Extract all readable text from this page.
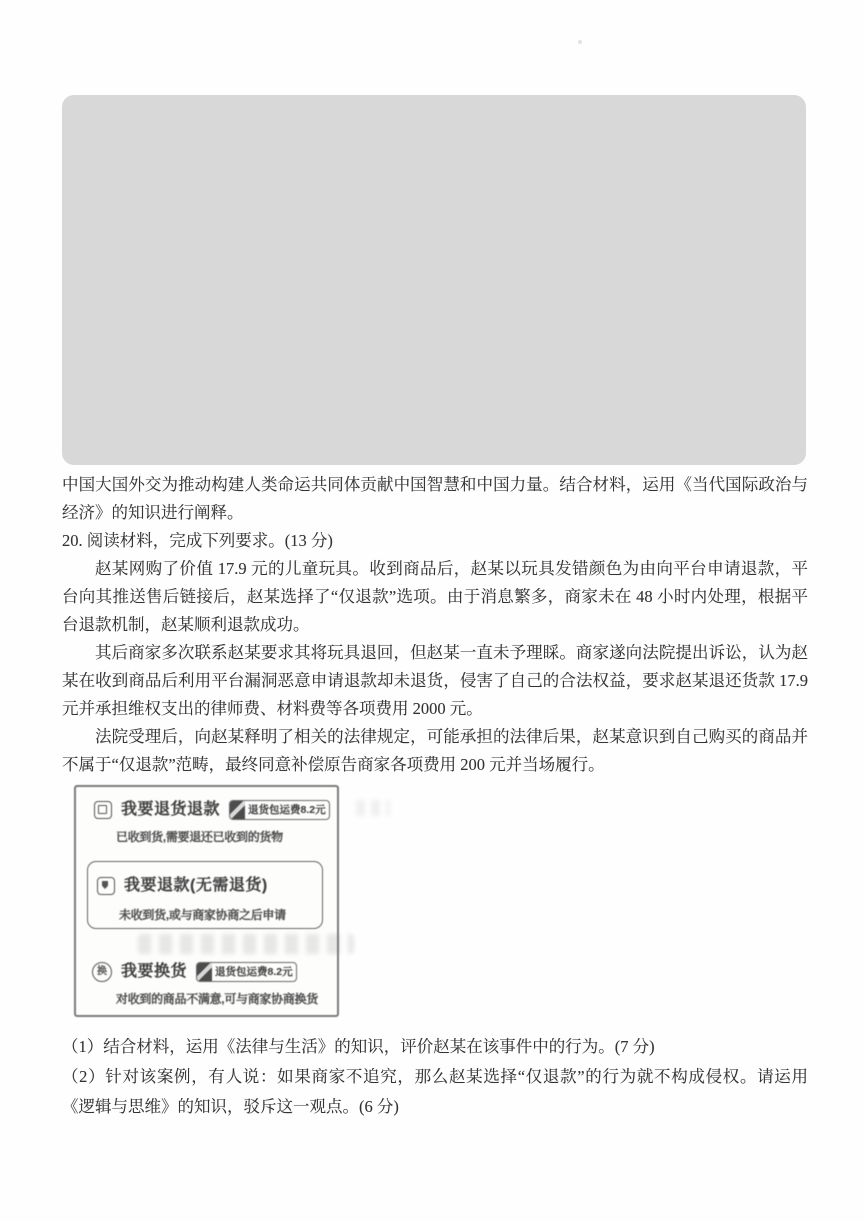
中国大国外交为推动构建人类命运共同体贡献中国智慧和中国力量。结合材料，运用《当代国际政治与经济》的知识进行阐释。

20. 阅读材料，完成下列要求。(13 分)

赵某网购了价值 17.9 元的儿童玩具。收到商品后，赵某以玩具发错颜色为由向平台申请退款，平台向其推送售后链接后，赵某选择了“仅退款”选项。由于消息繁多，商家未在 48 小时内处理，根据平台退款机制，赵某顺利退款成功。

其后商家多次联系赵某要求其将玩具退回，但赵某一直未予理睬。商家遂向法院提出诉讼，认为赵某在收到商品后利用平台漏洞恶意申请退款却未退货，侵害了自己的合法权益，要求赵某退还货款 17.9 元并承担维权支出的律师费、材料费等各项费用 2000 元。

法院受理后，向赵某释明了相关的法律规定，可能承担的法律后果，赵某意识到自己购买的商品并不属于“仅退款”范畴，最终同意补偿原告商家各项费用 200 元并当场履行。

我要退货退款	退货包运费8.2元
已收到货,需要退还已收到的货物
我要退款(无需退货)
未收到货,或与商家协商之后申请
换 我要换货	退货包运费8.2元
对收到的商品不满意,可与商家协商换货

（1）结合材料，运用《法律与生活》的知识，评价赵某在该事件中的行为。(7 分)

（2）针对该案例，有人说：如果商家不追究，那么赵某选择“仅退款”的行为就不构成侵权。请运用《逻辑与思维》的知识，驳斥这一观点。(6 分)
